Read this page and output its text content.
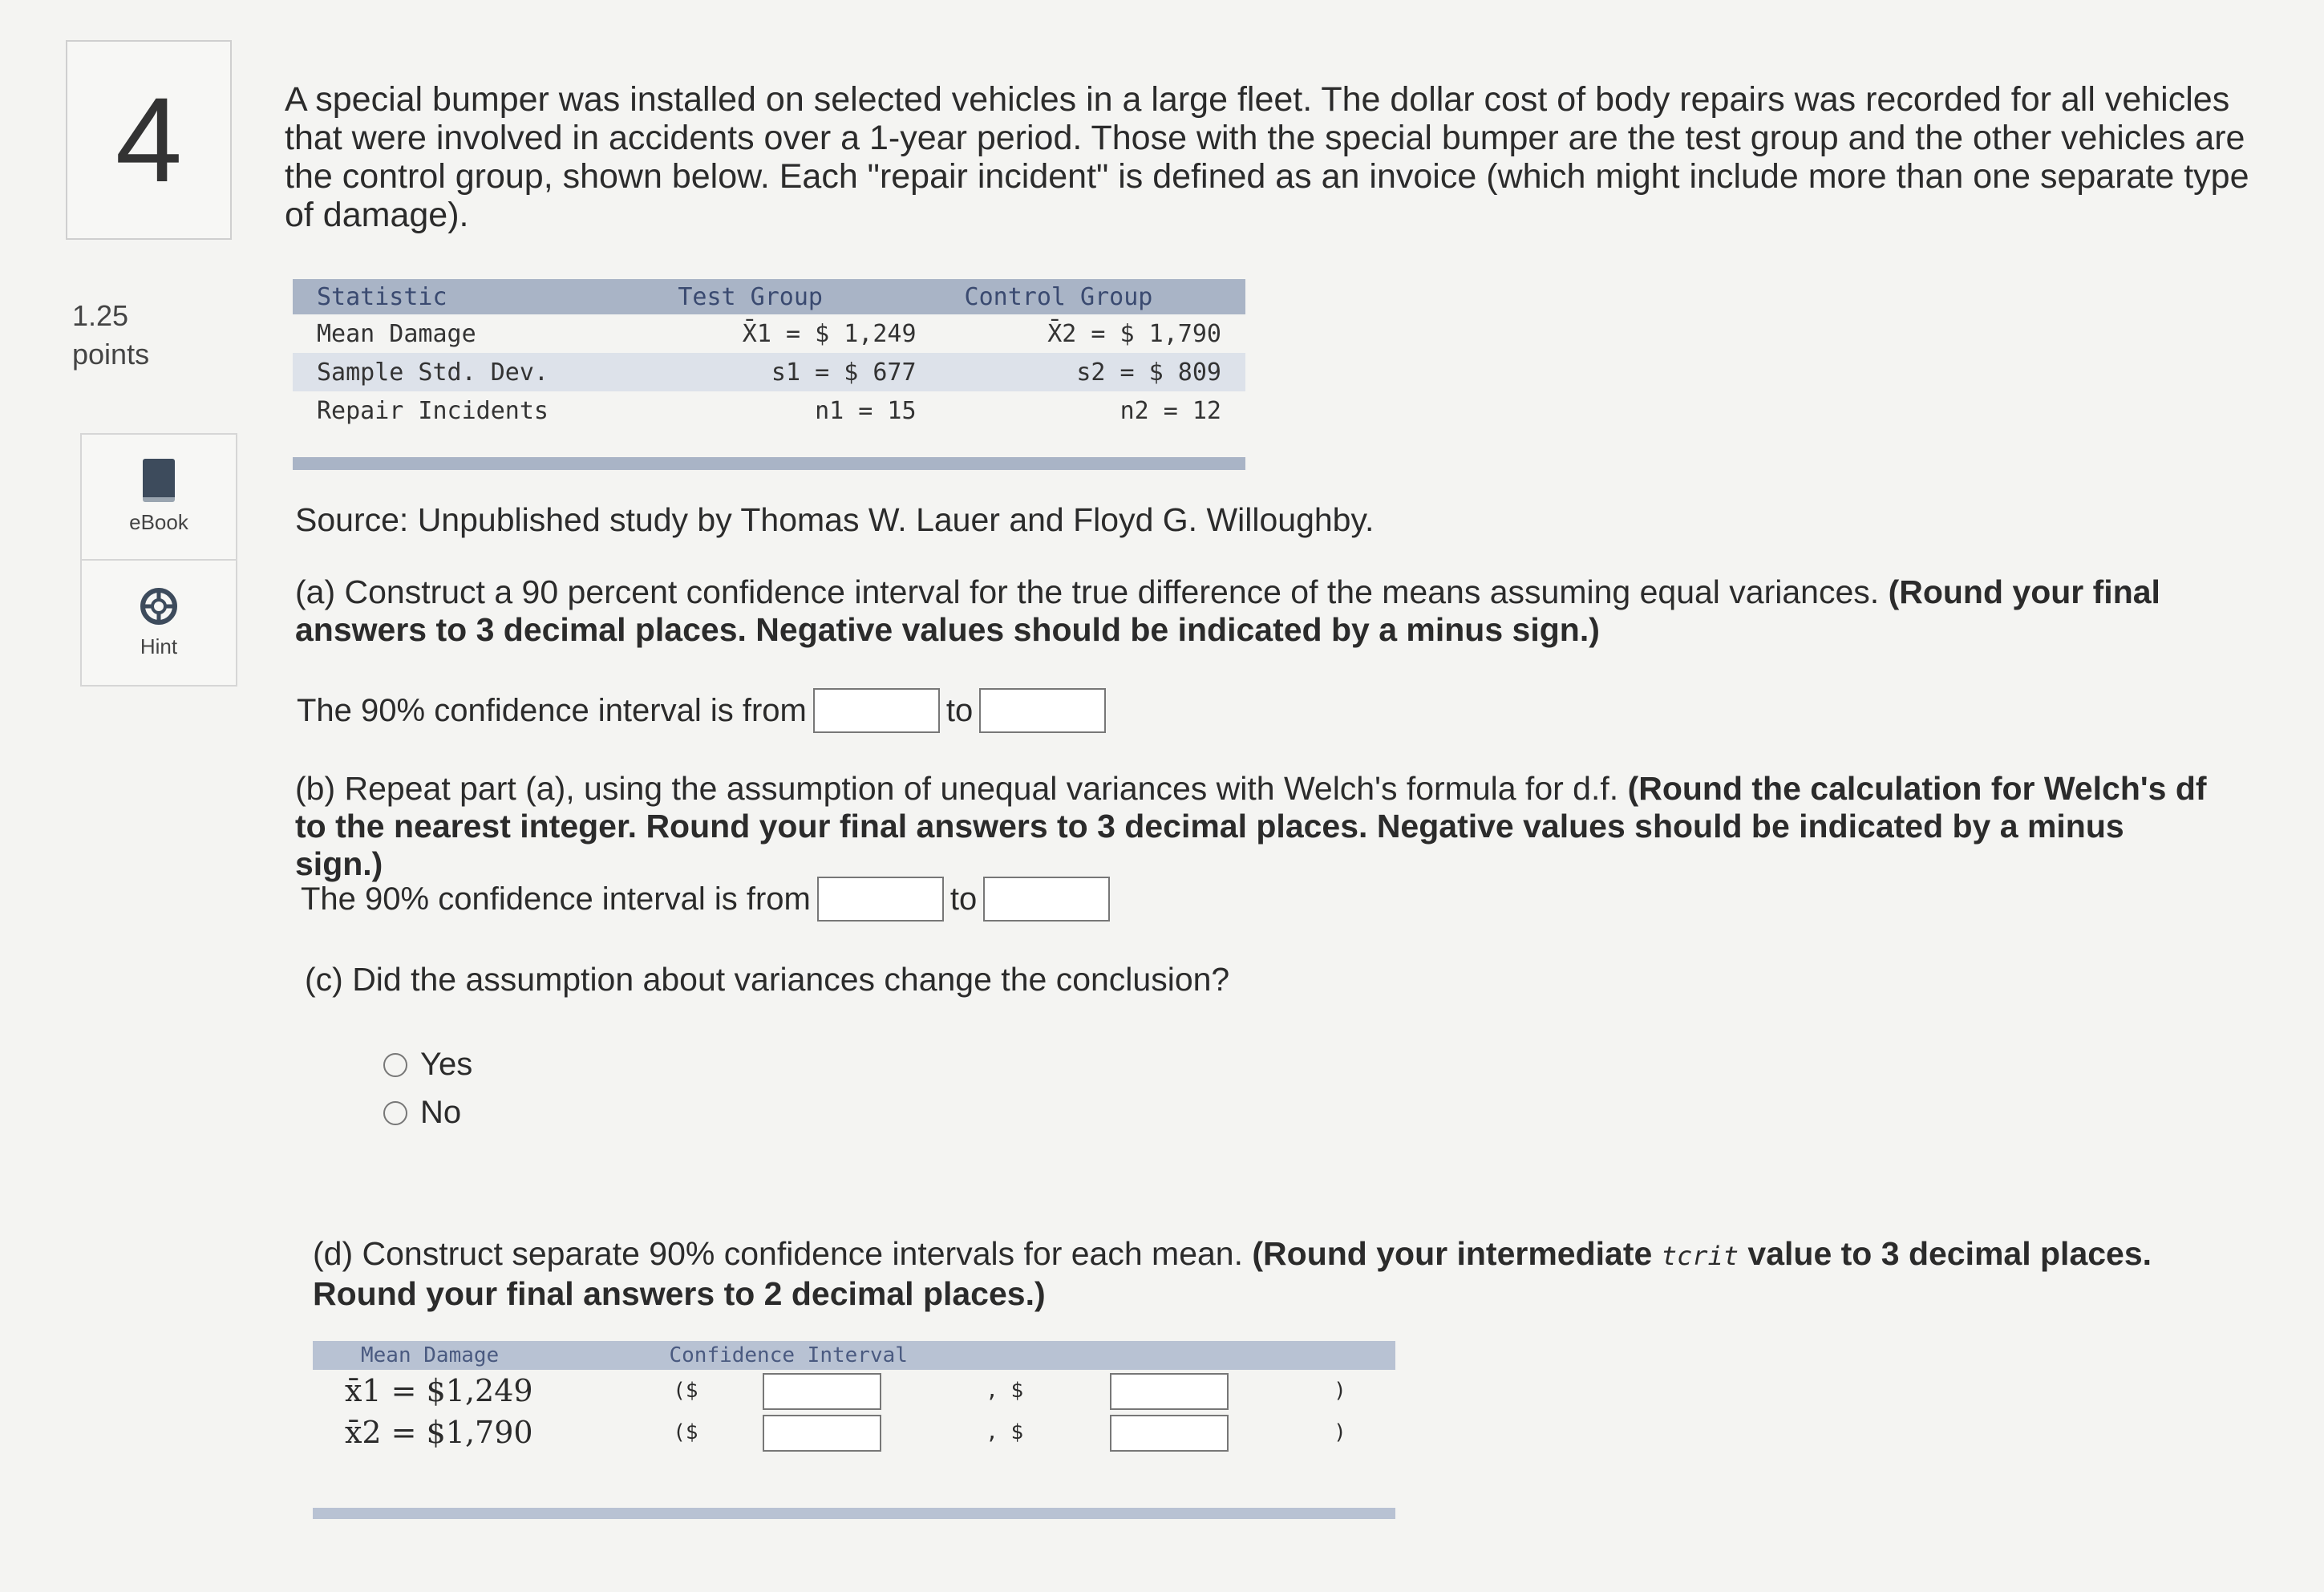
4
1.25
points
eBook
Hint

A special bumper was installed on selected vehicles in a large fleet. The dollar cost of body repairs was recorded for all vehicles that were involved in accidents over a 1-year period. Those with the special bumper are the test group and the other vehicles are the control group, shown below. Each "repair incident" is defined as an invoice (which might include more than one separate type of damage).

Statistic	Test Group	Control Group
Mean Damage	X̄1 = $ 1,249	X̄2 = $ 1,790
Sample Std. Dev.	s1 = $ 677	s2 = $ 809
Repair Incidents	n1 = 15	n2 = 12

Source: Unpublished study by Thomas W. Lauer and Floyd G. Willoughby.

(a) Construct a 90 percent confidence interval for the true difference of the means assuming equal variances. (Round your final answers to 3 decimal places. Negative values should be indicated by a minus sign.)

The 90% confidence interval is from	to

(b) Repeat part (a), using the assumption of unequal variances with Welch's formula for d.f. (Round the calculation for Welch's df to the nearest integer. Round your final answers to 3 decimal places. Negative values should be indicated by a minus sign.)

The 90% confidence interval is from	to

(c) Did the assumption about variances change the conclusion?

Yes
No

(d) Construct separate 90% confidence intervals for each mean. (Round your intermediate tcrit value to 3 decimal places. Round your final answers to 2 decimal places.)

Mean Damage	Confidence Interval				
x̄1 = $1,249	($		, $		)
x̄2 = $1,790	($		, $		)
